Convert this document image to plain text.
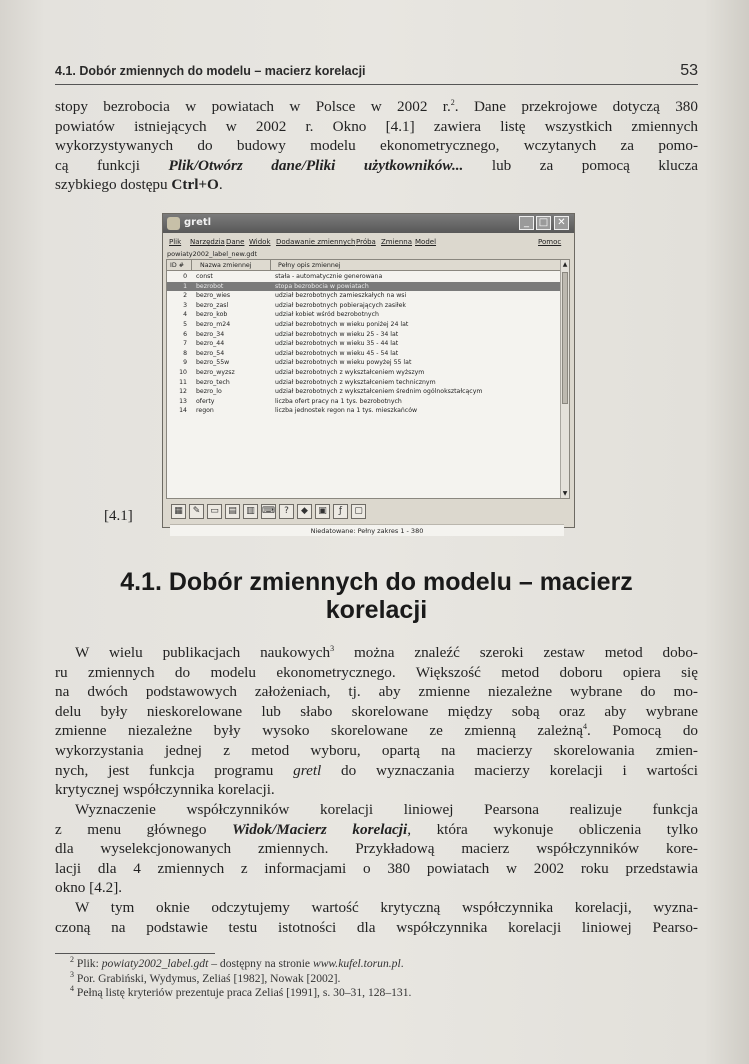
4.1. Dobór zmiennych do modelu – macierz korelacji	53
stopy bezrobocia w powiatach w Polsce w 2002 r.$^2$. Dane przekrojowe dotyczą 380
powiatów istniejących w 2002 r. Okno [4.1] zawiera listę wszystkich zmiennych
wykorzystywanych do budowy modelu ekonometrycznego, wczytanych za pomo-
cą funkcji Plik/Otwórz dane/Pliki użytkowników... lub za pomocą klucza
szybkiego dostępu Ctrl+O.
[4.1]
gretl	_ □ ✕
Plik Narzędzia Dane Widok Dodawanie zmiennych Próba Zmienna Model	Pomoc
powiaty2002_label_new.gdt
ID #	Nazwa zmiennej	Pełny opis zmiennej
0 const	stała - automatycznie generowana
1 bezrobot	stopa bezrobocia w powiatach
2 bezro_wies	udział bezrobotnych zamieszkałych na wsi
3 bezro_zasl	udział bezrobotnych pobierających zasiłek
4 bezro_kob	udział kobiet wśród bezrobotnych
5 bezro_m24	udział bezrobotnych w wieku poniżej 24 lat
6 bezro_34	udział bezrobotnych w wieku 25 - 34 lat
7 bezro_44	udział bezrobotnych w wieku 35 - 44 lat
8 bezro_54	udział bezrobotnych w wieku 45 - 54 lat
9 bezro_55w	udział bezrobotnych w wieku powyżej 55 lat
10 bezro_wyzsz	udział bezrobotnych z wykształceniem wyższym
11 bezro_tech	udział bezrobotnych z wykształceniem technicznym
12 bezro_lo	udział bezrobotnych z wykształceniem średnim ogólnokształcącym
13 oferty	liczba ofert pracy na 1 tys. bezrobotnych
14 regon	liczba jednostek regon na 1 tys. mieszkańców
Niedatowane: Pełny zakres 1 - 380
▲
▼
▦	✎	▭	▤	▥ ⌨	?	◆	▣	ƒ	▢
4.1. Dobór zmiennych do modelu – macierz
korelacji
W wielu publikacjach naukowych$^3$ można znaleźć szeroki zestaw metod dobo-
ru zmiennych do modelu ekonometrycznego. Większość metod doboru opiera się
na dwóch podstawowych założeniach, tj. aby zmienne niezależne wybrane do mo-
delu były nieskorelowane lub słabo skorelowane między sobą oraz aby wybrane
zmienne niezależne były wysoko skorelowane ze zmienną zależną$^4$. Pomocą do
wykorzystania jednej z metod wyboru, opartą na macierzy skorelowania zmien-
nych, jest funkcja programu gretl do wyznaczania macierzy korelacji i wartości
krytycznej współczynnika korelacji.
Wyznaczenie współczynników korelacji liniowej Pearsona realizuje funkcja
z menu głównego Widok/Macierz korelacji, która wykonuje obliczenia tylko
dla wyselekcjonowanych zmiennych. Przykładową macierz współczynników kore-
lacji dla 4 zmiennych z informacjami o 380 powiatach w 2002 roku przedstawia
okno [4.2].
W tym oknie odczytujemy wartość krytyczną współczynnika korelacji, wyzna-
czoną na podstawie testu istotności dla współczynnika korelacji liniowej Pearso-
$^2$ Plik: powiaty2002_label.gdt – dostępny na stronie www.kufel.torun.pl.
$^3$ Por. Grabiński, Wydymus, Zeliaś [1982], Nowak [2002].
$^4$ Pełną listę kryteriów prezentuje praca Zeliaś [1991], s. 30–31, 128–131.
